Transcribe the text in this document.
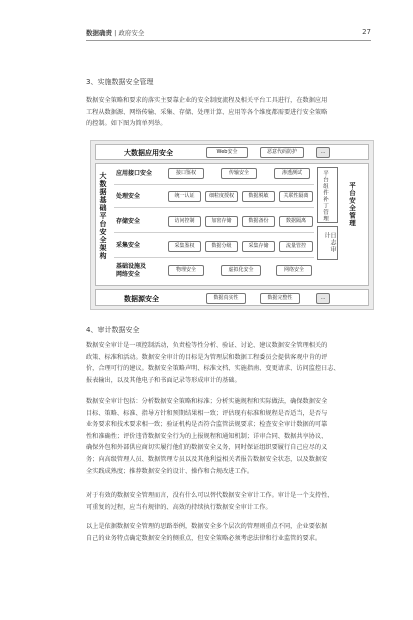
数据确责 | 政府安全	27
3、实施数据安全管理
数据安全策略和要求的落实主要靠企业的安全制度流程及相关平台工具进行，在数据应用
工程从数据源、网络传输、采集、存储、处理计算、应用等各个维度都需要进行安全策略
的控制。如下图为简单列举。
大数据应用安全	Web安全	恶意代码防护	...
大数据基础平台安全架构 应用接口安全	接口鉴权	传输安全	渗透测试
处理安全	统一认证	细粒度授权	数据脱敏	关联性隔离
存储安全	访问控制	加密存储	数据备份	数据隔离
采集安全	采集鉴权	数据分级	采集存储	流量管控
基础设施及网络安全
物理安全	虚拟化安全	网络安全
平台组件补丁管理
日志审计
平台安全管理
数据源安全	数据真实性	数据完整性	...
4、审计数据安全
数据安全审计是一项控制活动，负责检等性分析、验证、讨论、建议数据安全管理相关的
政策、标准和活动。数据安全审计的目标是为管理层和数据工程委员会提供客观中肯的评
价，合理可行的建议。数据安全策略声明、标准文档、实施指南、变更请求、访问监控日志、
报表输出，以及其他电子和书面记录等形成审计的基础。
数据安全审计包括：分析数据安全策略和标准；分析实施规程和实际做法，确保数据安全
目标、策略、标准、指导方针和预期结果相一致；评估现有标准和规程是否适当，是否与
业务要求和技术要求相一致；验证机构是否符合监管法规要求；检查安全审计数据的可靠
性和准确性；评价违背数据安全行为的上报规程和通知机制；详审合同、数据共享协议、
确保外包和外部供应商切实履行他们的数据安全义务，同时保证组织要履行自己应尽的义
务；向高级管理人员、数据管理专员以及其他利益相关者报告数据安全状态，以及数据安
全实践成熟度；推荐数据安全的设计、操作和合规改进工作。
对于有效的数据安全管理而言，没有什么可以替代数据安全审计工作。审计是一个支持性、
可重复的过程，应当有规律的、高效的持续执行数据安全审计工作。
以上是依据数据安全管理的思路举例，数据安全多个层次的管理则重点不同，企业要依据
自己的业务特点确定数据安全的侧重点，但安全策略必须考虑法律和行业监管的要求。
